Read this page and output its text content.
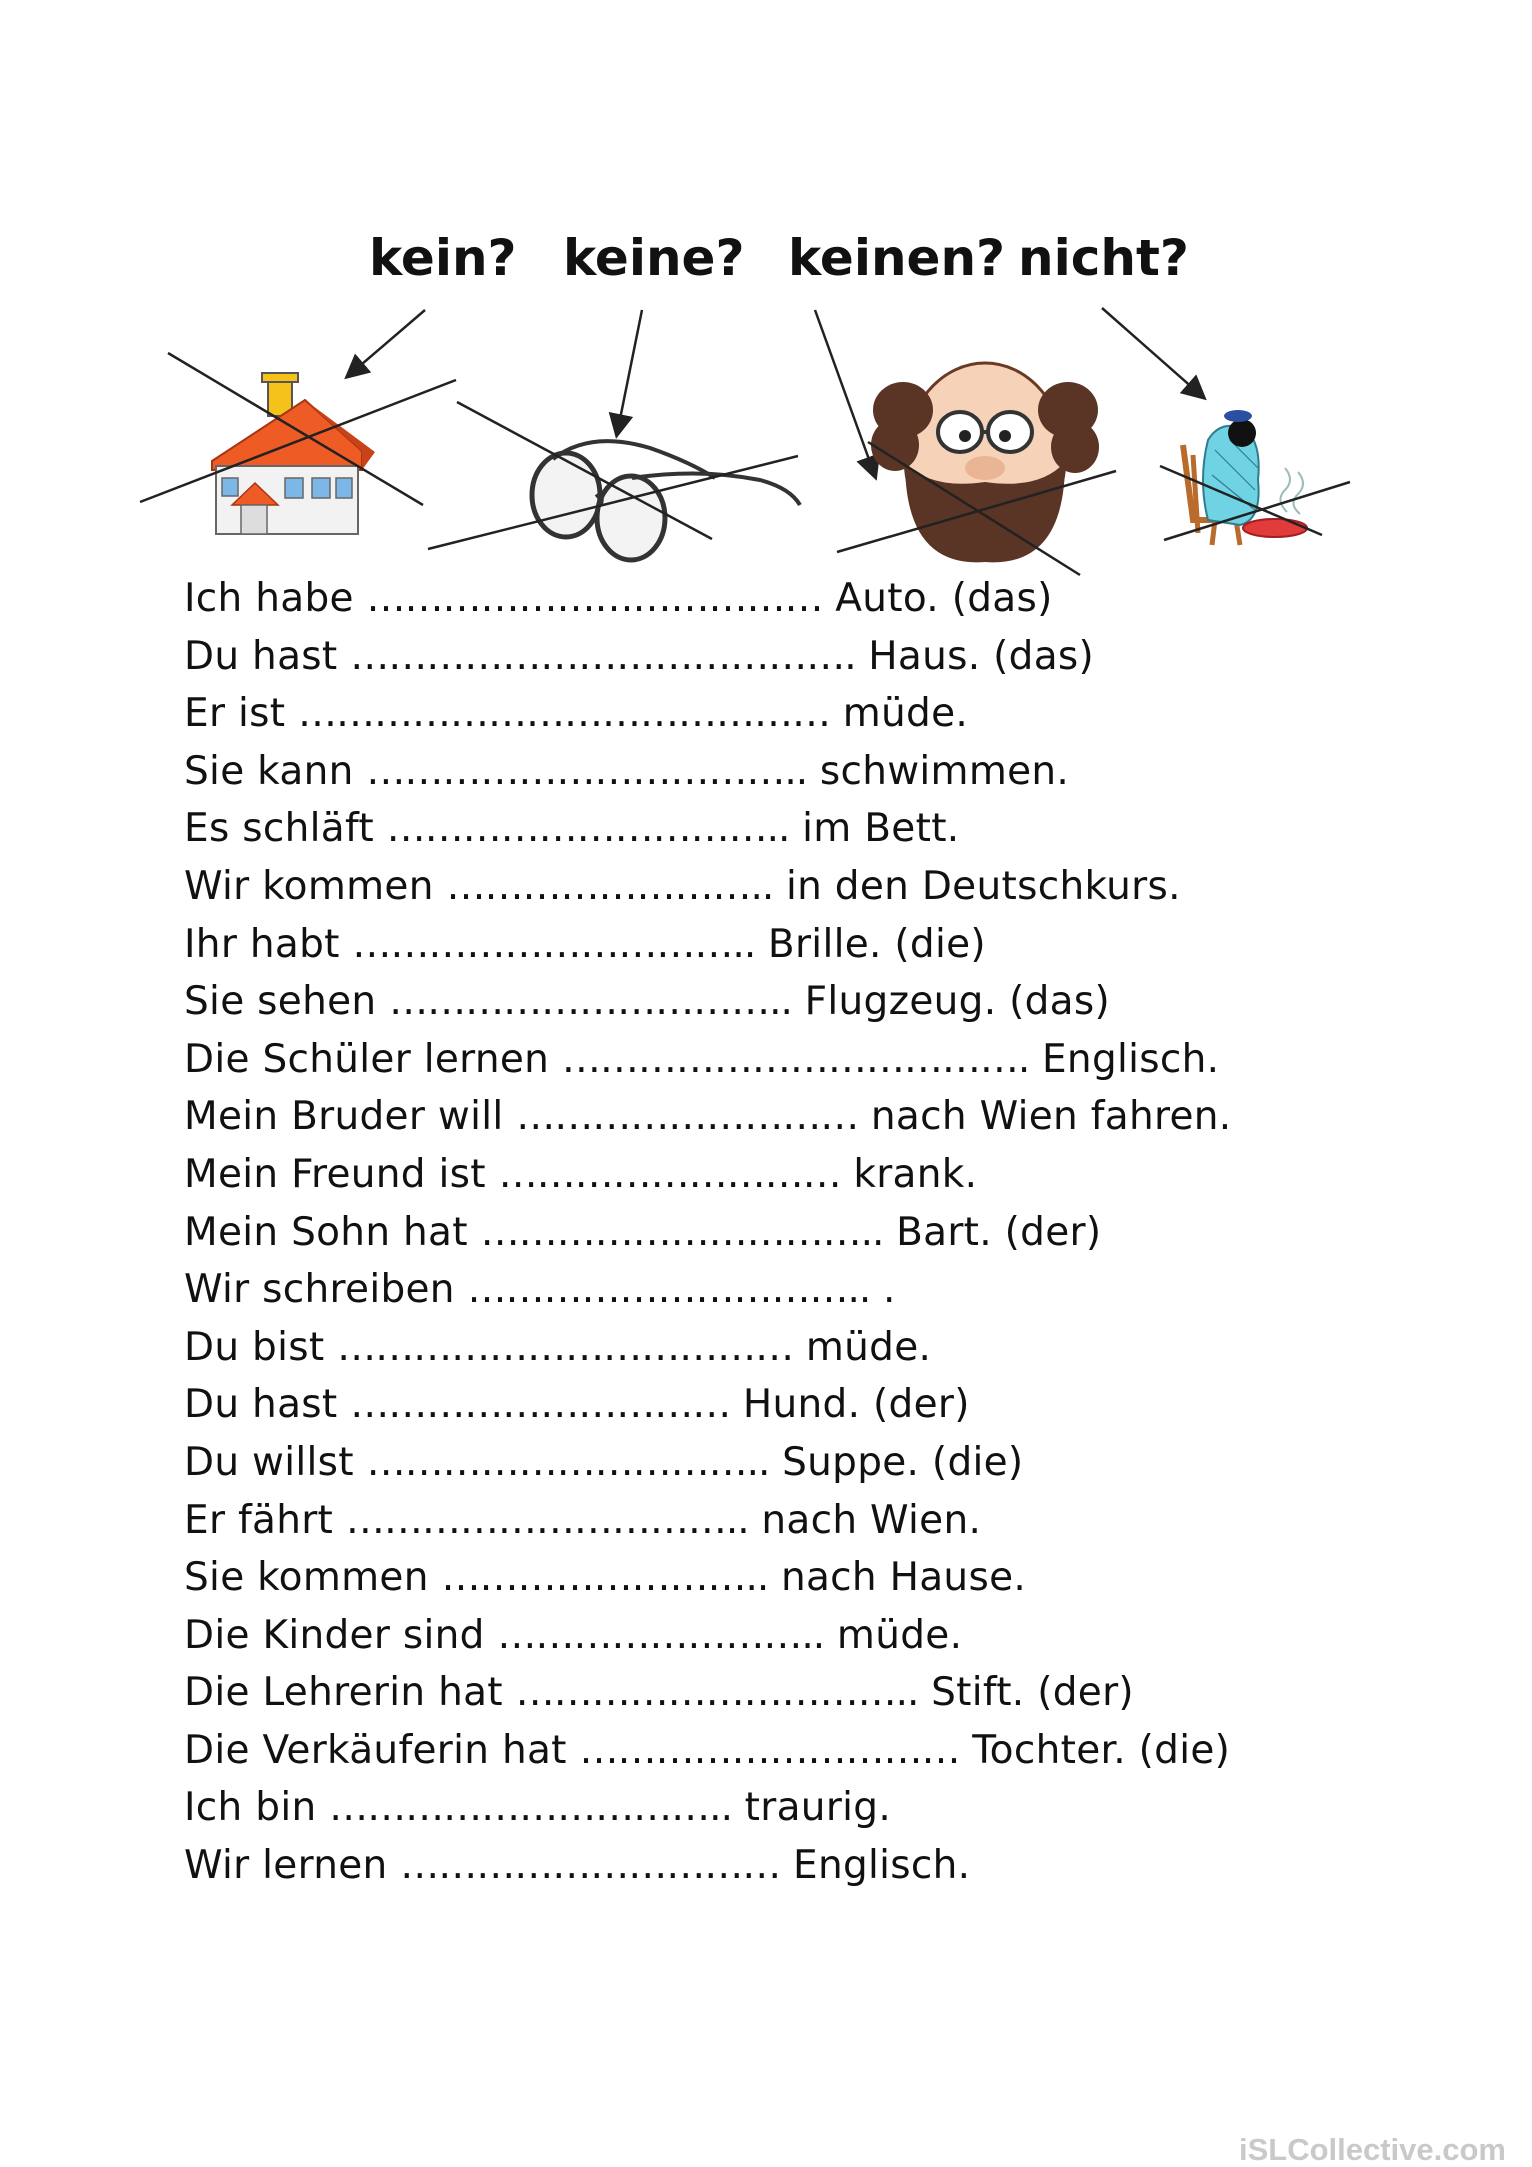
kein? keine? keinen? nicht?
Ich habe ……………………………… Auto. (das)
Du hast …………………………………. Haus. (das)
Er ist …………………………………… müde.
Sie kann …………………………….. schwimmen.
Es schläft ………………………….. im Bett.
Wir kommen …………………….. in den Deutschkurs.
Ihr habt ………………………….. Brille. (die)
Sie sehen ………………………….. Flugzeug. (das)
Die Schüler lernen ………………………………. Englisch.
Mein Bruder will ……………………… nach Wien fahren.
Mein Freund ist ……………………… krank.
Mein Sohn hat ………………………….. Bart. (der)
Wir schreiben ………………………….. .
Du bist ……………………………… müde.
Du hast ………………………… Hund. (der)
Du willst ………………………….. Suppe. (die)
Er fährt ………………………….. nach Wien.
Sie kommen …………………….. nach Hause.
Die Kinder sind …………………….. müde.
Die Lehrerin hat ………………………….. Stift. (der)
Die Verkäuferin hat ………………………… Tochter. (die)
Ich bin ………………………….. traurig.
Wir lernen ………………………… Englisch.
iSLCollective.com
